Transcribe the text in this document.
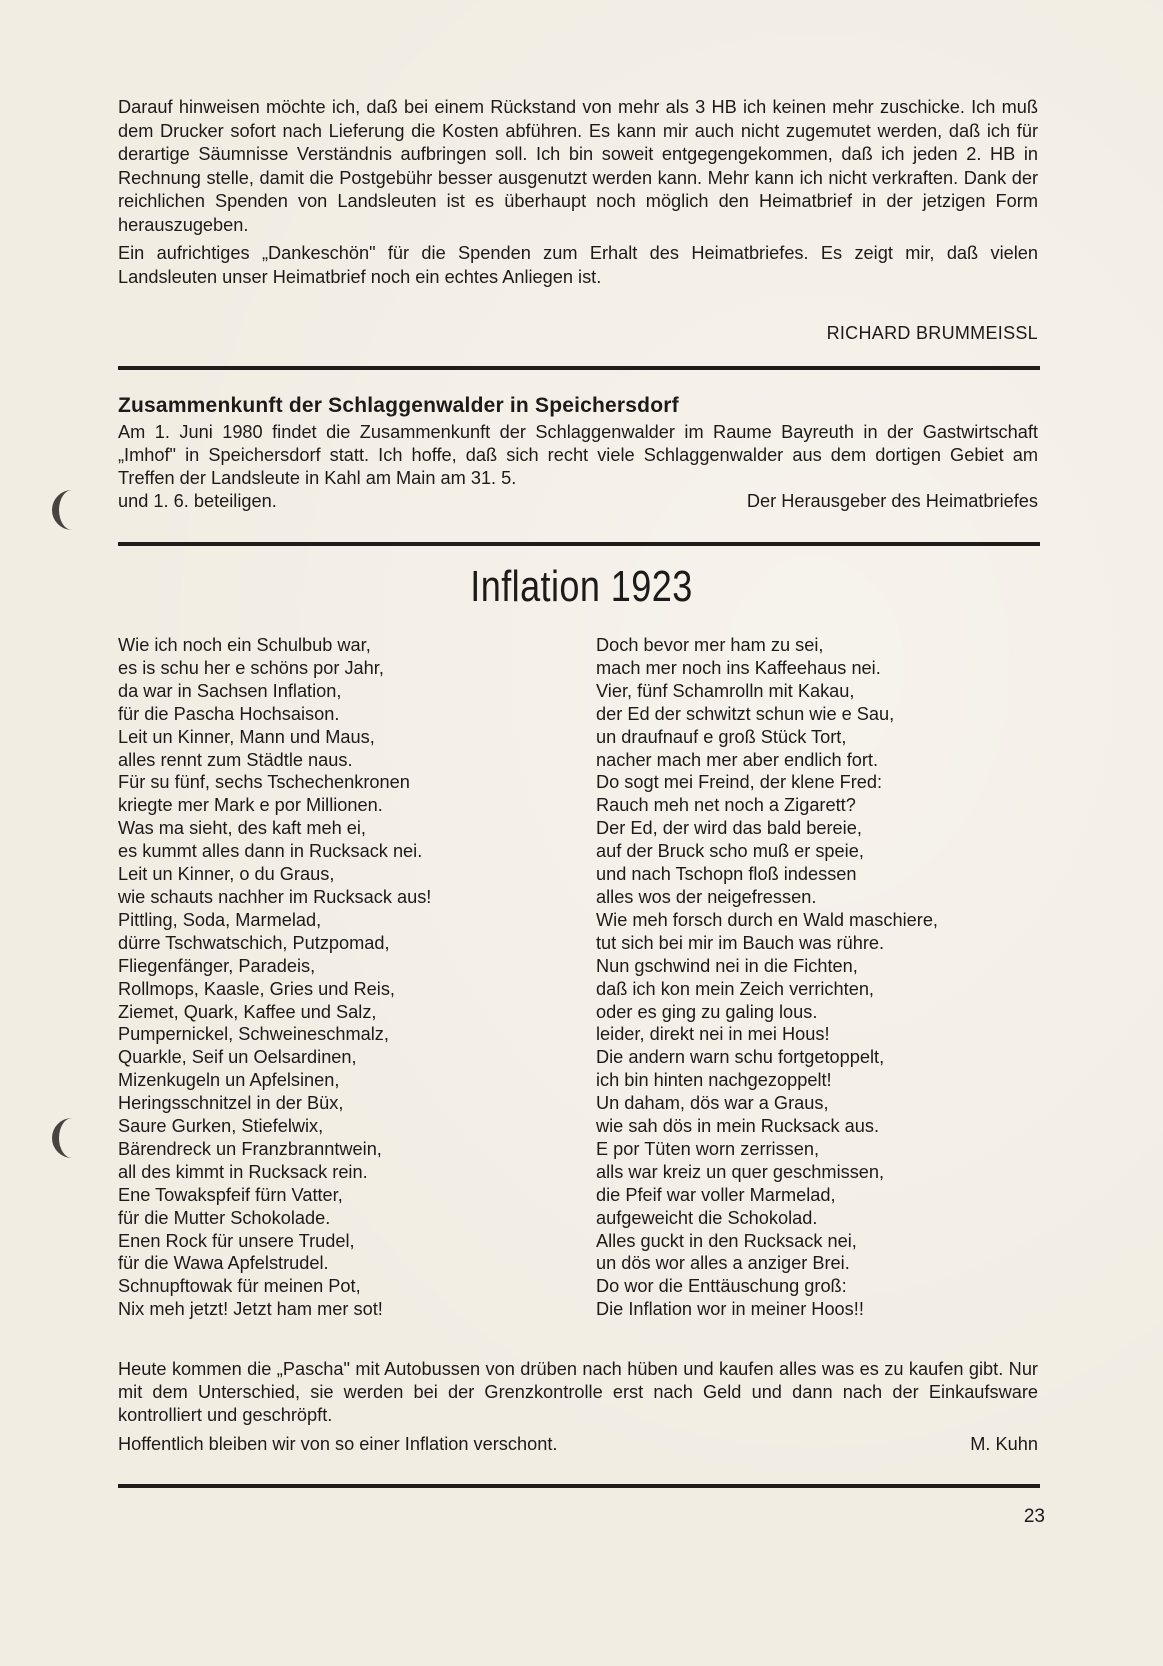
Darauf hinweisen möchte ich, daß bei einem Rückstand von mehr als 3 HB ich keinen mehr zuschicke. Ich muß dem Drucker sofort nach Lieferung die Kosten abführen. Es kann mir auch nicht zugemutet werden, daß ich für derartige Säumnisse Verständnis aufbringen soll. Ich bin soweit entgegengekommen, daß ich jeden 2. HB in Rechnung stelle, damit die Postgebühr besser ausgenutzt werden kann. Mehr kann ich nicht verkraften. Dank der reichlichen Spenden von Landsleuten ist es überhaupt noch möglich den Heimatbrief in der jetzigen Form herauszugeben.

Ein aufrichtiges „Dankeschön" für die Spenden zum Erhalt des Heimatbriefes. Es zeigt mir, daß vielen Landsleuten unser Heimatbrief noch ein echtes Anliegen ist.

RICHARD BRUMMEISSL
Zusammenkunft der Schlaggenwalder in Speichersdorf

Am 1. Juni 1980 findet die Zusammenkunft der Schlaggenwalder im Raume Bayreuth in der Gastwirtschaft „Imhof" in Speichersdorf statt. Ich hoffe, daß sich recht viele Schlaggenwalder aus dem dortigen Gebiet am Treffen der Landsleute in Kahl am Main am 31. 5.

und 1. 6. beteiligen.	Der Herausgeber des Heimatbriefes
Inflation 1923
Wie ich noch ein Schulbub war,
es is schu her e schöns por Jahr,
da war in Sachsen Inflation,
für die Pascha Hochsaison.
Leit un Kinner, Mann und Maus,
alles rennt zum Städtle naus.
Für su fünf, sechs Tschechenkronen
kriegte mer Mark e por Millionen.
Was ma sieht, des kaft meh ei,
es kummt alles dann in Rucksack nei.
Leit un Kinner, o du Graus,
wie schauts nachher im Rucksack aus!
Pittling, Soda, Marmelad,
dürre Tschwatschich, Putzpomad,
Fliegenfänger, Paradeis,
Rollmops, Kaasle, Gries und Reis,
Ziemet, Quark, Kaffee und Salz,
Pumpernickel, Schweineschmalz,
Quarkle, Seif un Oelsardinen,
Mizenkugeln un Apfelsinen,
Heringsschnitzel in der Büx,
Saure Gurken, Stiefelwix,
Bärendreck un Franzbranntwein,
all des kimmt in Rucksack rein.
Ene Towakspfeif fürn Vatter,
für die Mutter Schokolade.
Enen Rock für unsere Trudel,
für die Wawa Apfelstrudel.
Schnupftowak für meinen Pot,
Nix meh jetzt! Jetzt ham mer sot!
Doch bevor mer ham zu sei,
mach mer noch ins Kaffeehaus nei.
Vier, fünf Schamrolln mit Kakau,
der Ed der schwitzt schun wie e Sau,
un draufnauf e groß Stück Tort,
nacher mach mer aber endlich fort.
Do sogt mei Freind, der klene Fred:
Rauch meh net noch a Zigarett?
Der Ed, der wird das bald bereie,
auf der Bruck scho muß er speie,
und nach Tschopn floß indessen
alles wos der neigefressen.
Wie meh forsch durch en Wald maschiere,
tut sich bei mir im Bauch was rühre.
Nun gschwind nei in die Fichten,
daß ich kon mein Zeich verrichten,
oder es ging zu galing lous.
leider, direkt nei in mei Hous!
Die andern warn schu fortgetoppelt,
ich bin hinten nachgezoppelt!
Un daham, dös war a Graus,
wie sah dös in mein Rucksack aus.
E por Tüten worn zerrissen,
alls war kreiz un quer geschmissen,
die Pfeif war voller Marmelad,
aufgeweicht die Schokolad.
Alles guckt in den Rucksack nei,
un dös wor alles a anziger Brei.
Do wor die Enttäuschung groß:
Die Inflation wor in meiner Hoos!!

Heute kommen die „Pascha" mit Autobussen von drüben nach hüben und kaufen alles was es zu kaufen gibt. Nur mit dem Unterschied, sie werden bei der Grenzkontrolle erst nach Geld und dann nach der Einkaufsware kontrolliert und geschröpft.

Hoffentlich bleiben wir von so einer Inflation verschont.	M. Kuhn
23
